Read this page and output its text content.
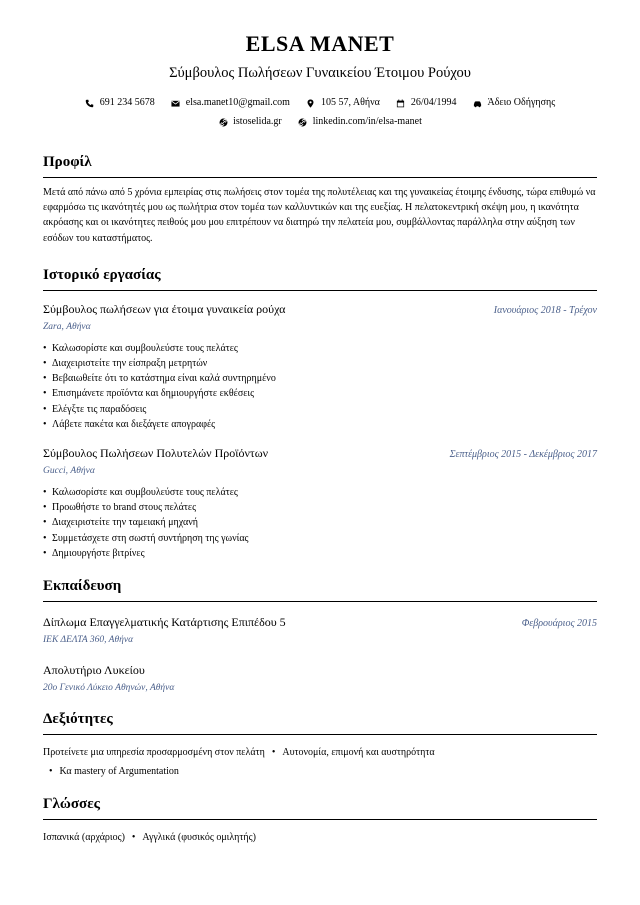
ELSA MANET
Σύμβουλος Πωλήσεων Γυναικείου Έτοιμου Ρούχου
691 234 5678	elsa.manet10@gmail.com	105 57, Αθήνα	26/04/1994	Άδειο Οδήγησης
istoselida.gr	linkedin.com/in/elsa-manet
Προφίλ
Μετά από πάνω από 5 χρόνια εμπειρίας στις πωλήσεις στον τομέα της πολυτέλειας και της γυναικείας έτοιμης ένδυσης, τώρα επιθυμώ να εφαρμόσω τις ικανότητές μου ως πωλήτρια στον τομέα των καλλυντικών και της ευεξίας. Η πελατοκεντρική σκέψη μου, η ικανότητα ακρόασης και οι ικανότητες πειθούς μου μου επιτρέπουν να διατηρώ την πελατεία μου, συμβάλλοντας παράλληλα στην αύξηση των εσόδων του καταστήματος.
Ιστορικό εργασίας
Σύμβουλος πωλήσεων για έτοιμα γυναικεία ρούχα	Ιανουάριος 2018 - Τρέχον
Zara, Αθήνα
• Καλωσορίστε και συμβουλεύστε τους πελάτες
• Διαχειριστείτε την είσπραξη μετρητών
• Βεβαιωθείτε ότι το κατάστημα είναι καλά συντηρημένο
• Επισημάνετε προϊόντα και δημιουργήστε εκθέσεις
• Ελέγξτε τις παραδόσεις
• Λάβετε πακέτα και διεξάγετε απογραφές
Σύμβουλος Πωλήσεων Πολυτελών Προϊόντων	Σεπτέμβριος 2015 - Δεκέμβριος 2017
Gucci, Αθήνα
• Καλωσορίστε και συμβουλεύστε τους πελάτες
• Προωθήστε το brand στους πελάτες
• Διαχειριστείτε την ταμειακή μηχανή
• Συμμετάσχετε στη σωστή συντήρηση της γωνίας
• Δημιουργήστε βιτρίνες
Εκπαίδευση
Δίπλωμα Επαγγελματικής Κατάρτισης Επιπέδου 5	Φεβρουάριος 2015
ΙΕΚ ΔΕΛΤΑ 360, Αθήνα
Απολυτήριο Λυκείου
20ο Γενικό Λύκειο Αθηνών, Αθήνα
Δεξιότητες
Προτείνετε μια υπηρεσία προσαρμοσμένη στον πελάτη • Αυτονομία, επιμονή και αυστηρότητα
• Κα mastery of Argumentation
Γλώσσες
Ισπανικά (αρχάριος) • Αγγλικά (φυσικός ομιλητής)
